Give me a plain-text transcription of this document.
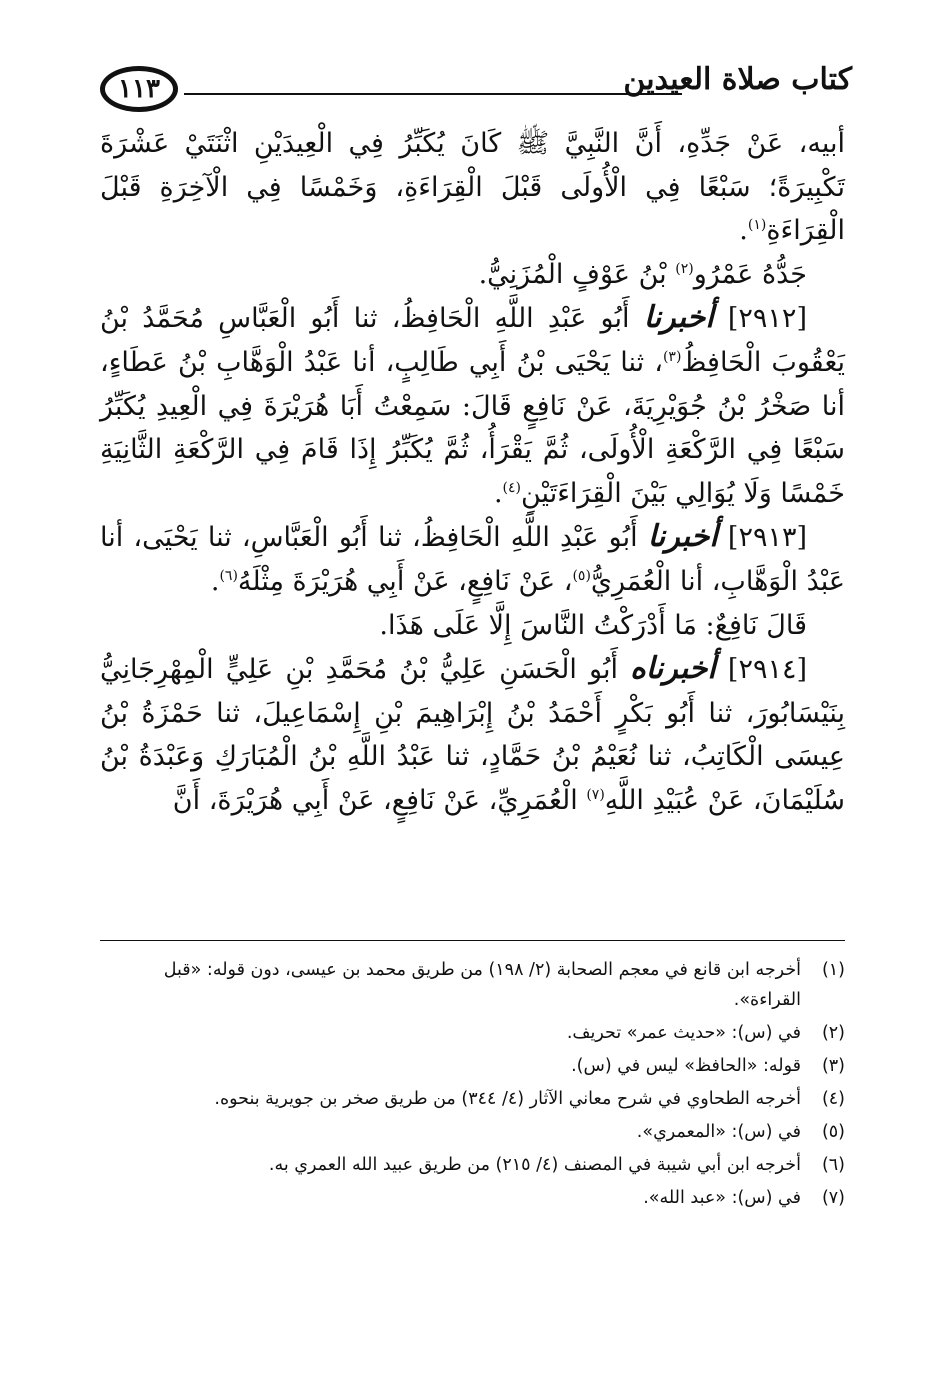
١١٣	كتاب صلاة العيدين

أبيه، عَنْ جَدِّهِ، أَنَّ النَّبِيَّ ﷺ كَانَ يُكَبِّرُ فِي الْعِيدَيْنِ اثْنَتَيْ عَشْرَةَ تَكْبِيرَةً؛ سَبْعًا فِي الْأُولَى قَبْلَ الْقِرَاءَةِ، وَخَمْسًا فِي الْآخِرَةِ قَبْلَ الْقِرَاءَةِ$^{(١)}$.

جَدُّهُ عَمْرُو$^{(٢)}$ بْنُ عَوْفٍ الْمُزَنِيُّ.

[٢٩١٢] أخبرنا أَبُو عَبْدِ اللَّهِ الْحَافِظُ، ثنا أَبُو الْعَبَّاسِ مُحَمَّدُ بْنُ يَعْقُوبَ الْحَافِظُ$^{(٣)}$، ثنا يَحْيَى بْنُ أَبِي طَالِبٍ، أنا عَبْدُ الْوَهَّابِ بْنُ عَطَاءٍ، أنا صَخْرُ بْنُ جُوَيْرِيَةَ، عَنْ نَافِعٍ قَالَ: سَمِعْتُ أَبَا هُرَيْرَةَ فِي الْعِيدِ يُكَبِّرُ سَبْعًا فِي الرَّكْعَةِ الْأُولَى، ثُمَّ يَقْرَأُ، ثُمَّ يُكَبِّرُ إِذَا قَامَ فِي الرَّكْعَةِ الثَّانِيَةِ خَمْسًا وَلَا يُوَالِي بَيْنَ الْقِرَاءَتَيْنِ$^{(٤)}$.

[٢٩١٣] أخبرنا أَبُو عَبْدِ اللَّهِ الْحَافِظُ، ثنا أَبُو الْعَبَّاسِ، ثنا يَحْيَى، أنا عَبْدُ الْوَهَّابِ، أنا الْعُمَرِيُّ$^{(٥)}$، عَنْ نَافِعٍ، عَنْ أَبِي هُرَيْرَةَ مِثْلَهُ$^{(٦)}$.

قَالَ نَافِعٌ: مَا أَدْرَكْتُ النَّاسَ إِلَّا عَلَى هَذَا.

[٢٩١٤] أخبرناه أَبُو الْحَسَنِ عَلِيُّ بْنُ مُحَمَّدِ بْنِ عَلِيٍّ الْمِهْرِجَانِيُّ بِنَيْسَابُورَ، ثنا أَبُو بَكْرٍ أَحْمَدُ بْنُ إِبْرَاهِيمَ بْنِ إِسْمَاعِيلَ، ثنا حَمْزَةُ بْنُ عِيسَى الْكَاتِبُ، ثنا نُعَيْمُ بْنُ حَمَّادٍ، ثنا عَبْدُ اللَّهِ بْنُ الْمُبَارَكِ وَعَبْدَةُ بْنُ سُلَيْمَانَ، عَنْ عُبَيْدِ اللَّهِ$^{(٧)}$ الْعُمَرِيِّ، عَنْ نَافِعٍ، عَنْ أَبِي هُرَيْرَةَ، أَنَّ

(١)
أخرجه ابن قانع في معجم الصحابة (٢/ ١٩٨) من طريق محمد بن عيسى، دون قوله: «قبل القراءة».
(٢)
في (س): «حديث عمر» تحريف.
(٣)
قوله: «الحافظ» ليس في (س).
(٤)
أخرجه الطحاوي في شرح معاني الآثار (٤/ ٣٤٤) من طريق صخر بن جويرية بنحوه.
(٥)
في (س): «المعمري».
(٦)
أخرجه ابن أبي شيبة في المصنف (٤/ ٢١٥) من طريق عبيد الله العمري به.
(٧)
في (س): «عبد الله».
